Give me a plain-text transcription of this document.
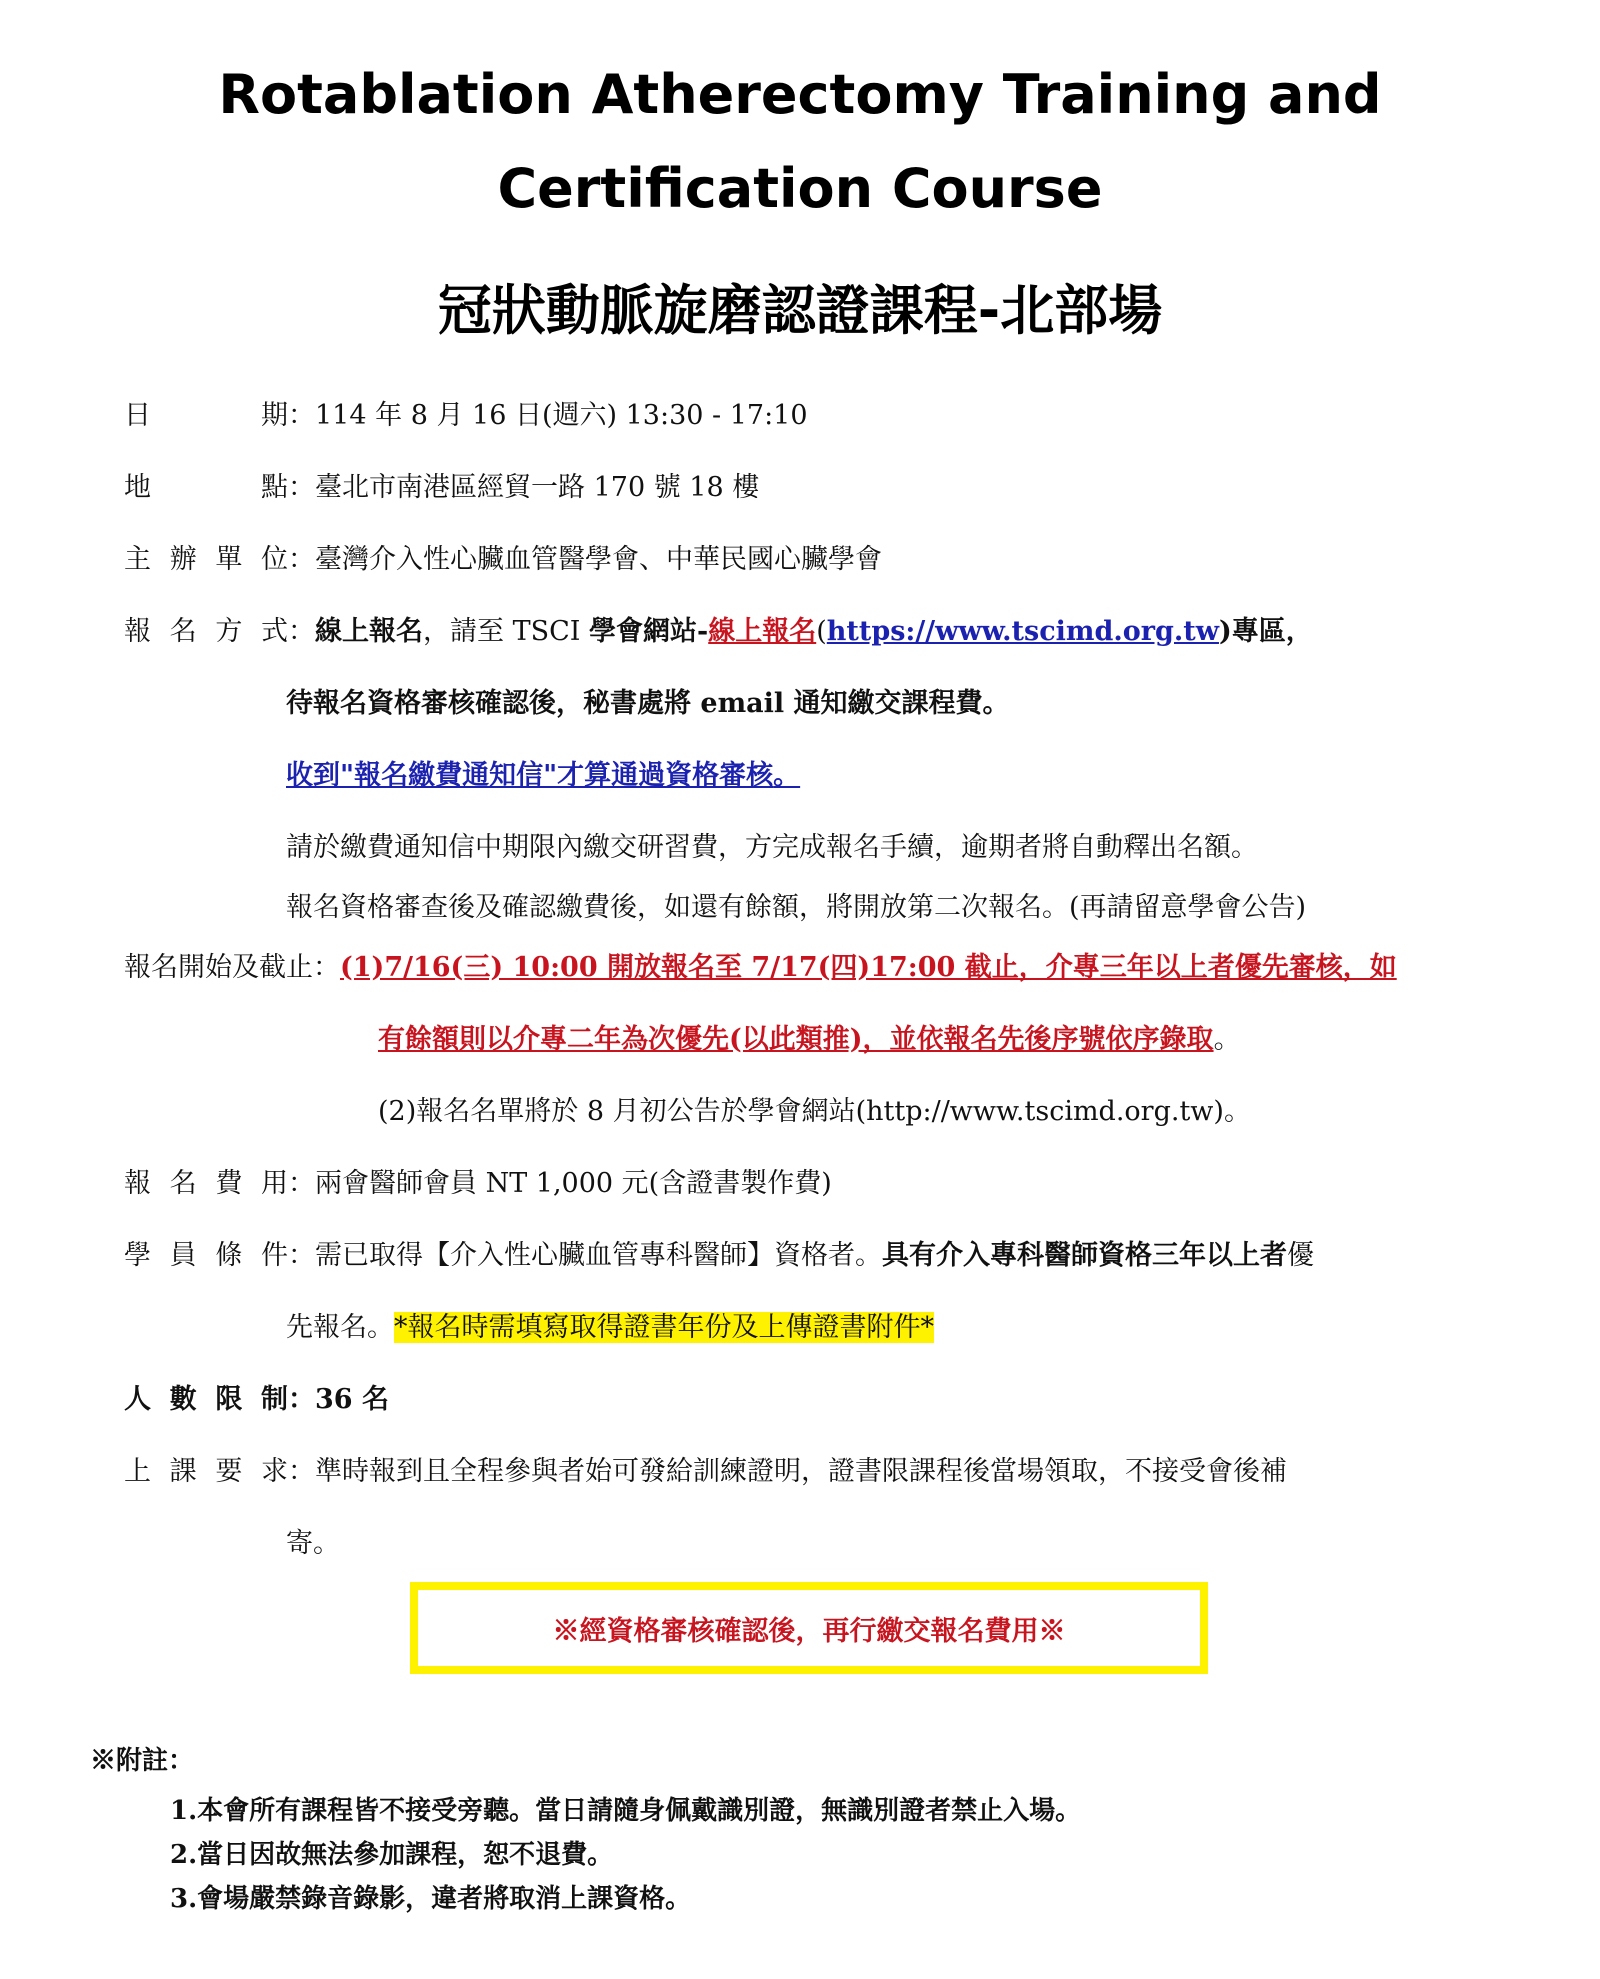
Rotablation Atherectomy Training and
Certification Course
冠狀動脈旋磨認證課程-北部場
日　　期：114 年 8 月 16 日(週六) 13:30 - 17:10
地　　點：臺北市南港區經貿一路 170 號 18 樓
主辦單位：臺灣介入性心臟血管醫學會、中華民國心臟學會
報名方式：線上報名，請至 TSCI 學會網站-線上報名(https://www.tscimd.org.tw)專區，
待報名資格審核確認後，秘書處將 email 通知繳交課程費。
收到"報名繳費通知信"才算通過資格審核。
請於繳費通知信中期限內繳交研習費，方完成報名手續，逾期者將自動釋出名額。
報名資格審查後及確認繳費後，如還有餘額，將開放第二次報名。(再請留意學會公告)
報名開始及截止：(1)7/16(三) 10:00 開放報名至 7/17(四)17:00 截止，介專三年以上者優先審核，如
有餘額則以介專二年為次優先(以此類推)，並依報名先後序號依序錄取。
(2)報名名單將於 8 月初公告於學會網站(http://www.tscimd.org.tw)。
報名費用：兩會醫師會員 NT 1,000 元(含證書製作費)
學員條件：需已取得【介入性心臟血管專科醫師】資格者。具有介入專科醫師資格三年以上者優
先報名。*報名時需填寫取得證書年份及上傳證書附件*
人數限制：36 名
上課要求：準時報到且全程參與者始可發給訓練證明，證書限課程後當場領取，不接受會後補
寄。
※經資格審核確認後，再行繳交報名費用※
※附註：
1.本會所有課程皆不接受旁聽。當日請隨身佩戴識別證，無識別證者禁止入場。
2.當日因故無法參加課程，恕不退費。
3.會場嚴禁錄音錄影，違者將取消上課資格。
